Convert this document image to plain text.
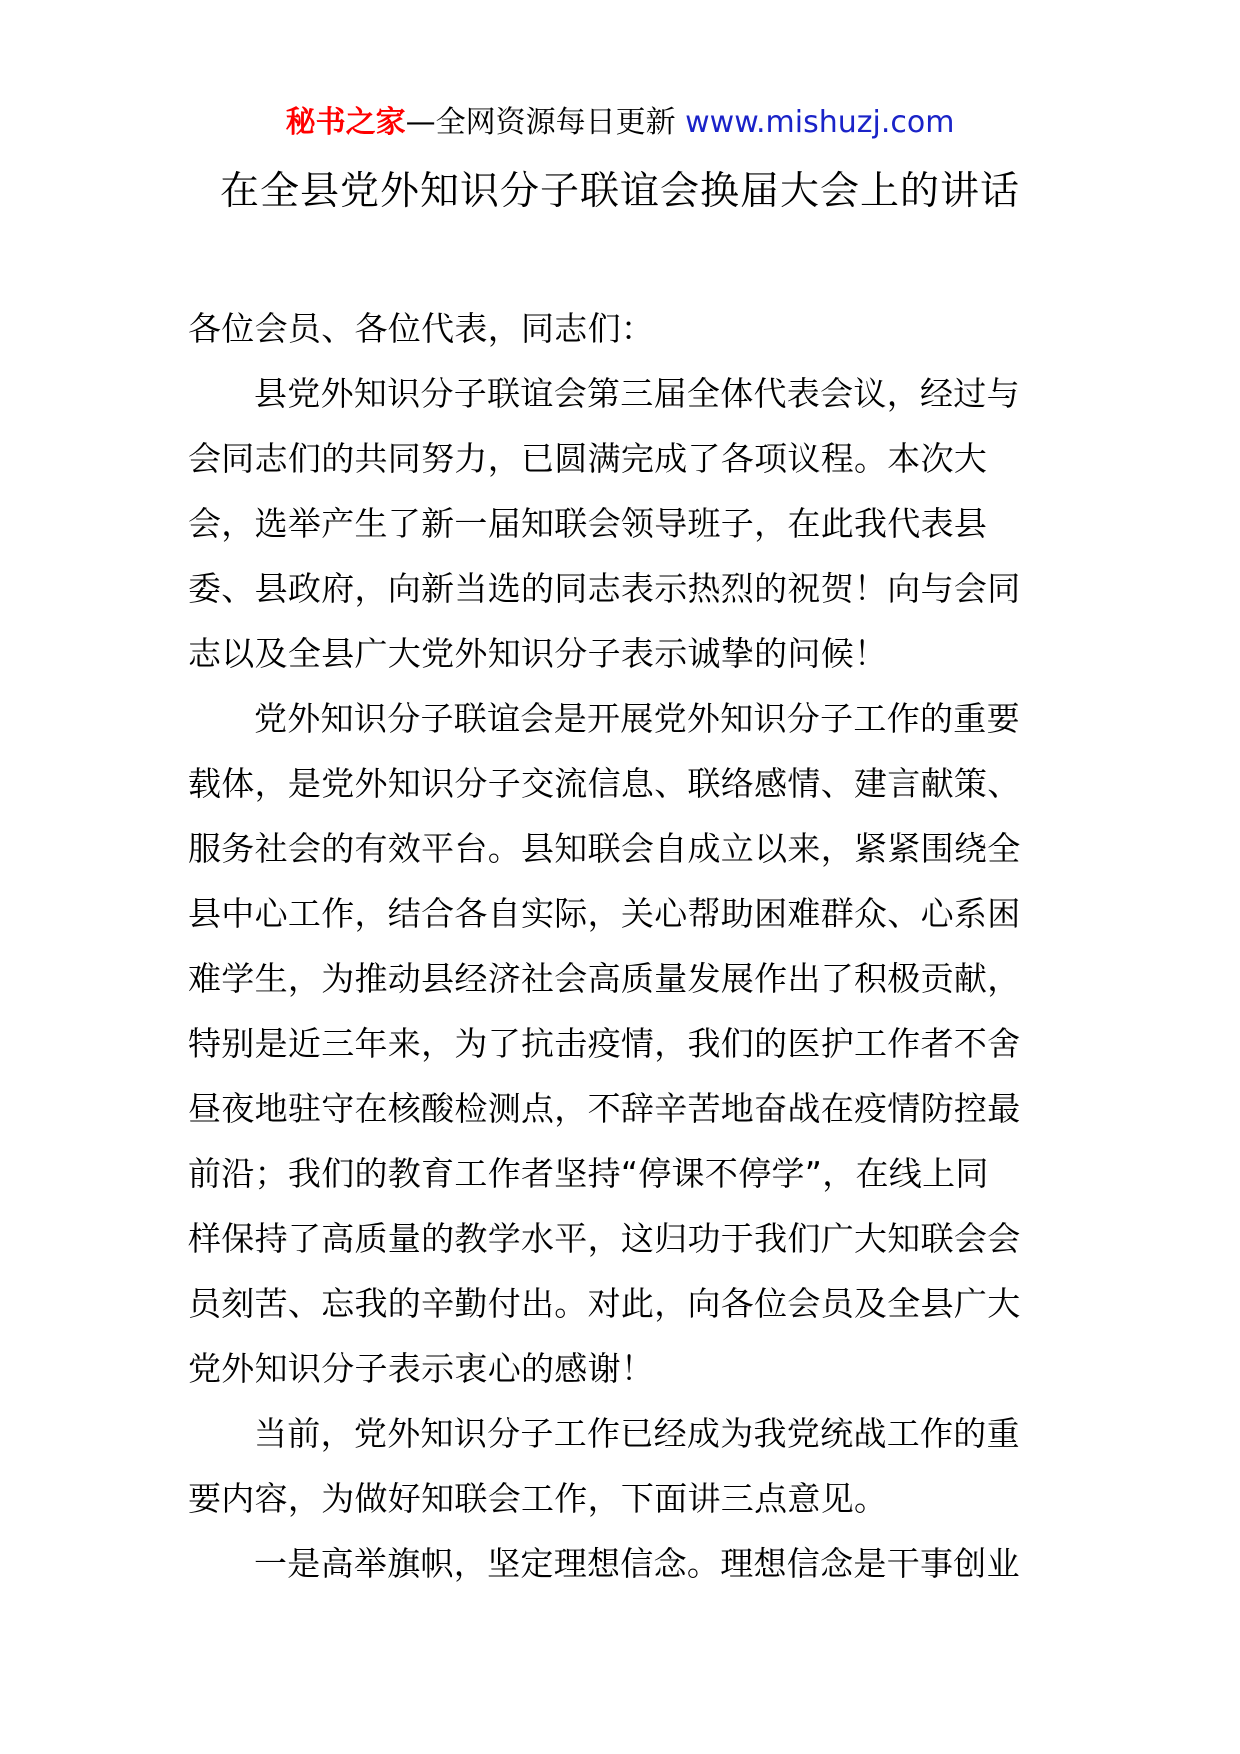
秘书之家—全网资源每日更新 www.mishuzj.com
在全县党外知识分子联谊会换届大会上的讲话
各位会员、各位代表，同志们：
县党外知识分子联谊会第三届全体代表会议，经过与
会同志们的共同努力，已圆满完成了各项议程。本次大
会，选举产生了新一届知联会领导班子，在此我代表县
委、县政府，向新当选的同志表示热烈的祝贺！向与会同
志以及全县广大党外知识分子表示诚挚的问候！
党外知识分子联谊会是开展党外知识分子工作的重要
载体，是党外知识分子交流信息、联络感情、建言献策、
服务社会的有效平台。县知联会自成立以来，紧紧围绕全
县中心工作，结合各自实际，关心帮助困难群众、心系困
难学生，为推动县经济社会高质量发展作出了积极贡献，
特别是近三年来，为了抗击疫情，我们的医护工作者不舍
昼夜地驻守在核酸检测点，不辞辛苦地奋战在疫情防控最
前沿；我们的教育工作者坚持“停课不停学”，在线上同
样保持了高质量的教学水平，这归功于我们广大知联会会
员刻苦、忘我的辛勤付出。对此，向各位会员及全县广大
党外知识分子表示衷心的感谢！
当前，党外知识分子工作已经成为我党统战工作的重
要内容，为做好知联会工作，下面讲三点意见。
一是高举旗帜，坚定理想信念。理想信念是干事创业
